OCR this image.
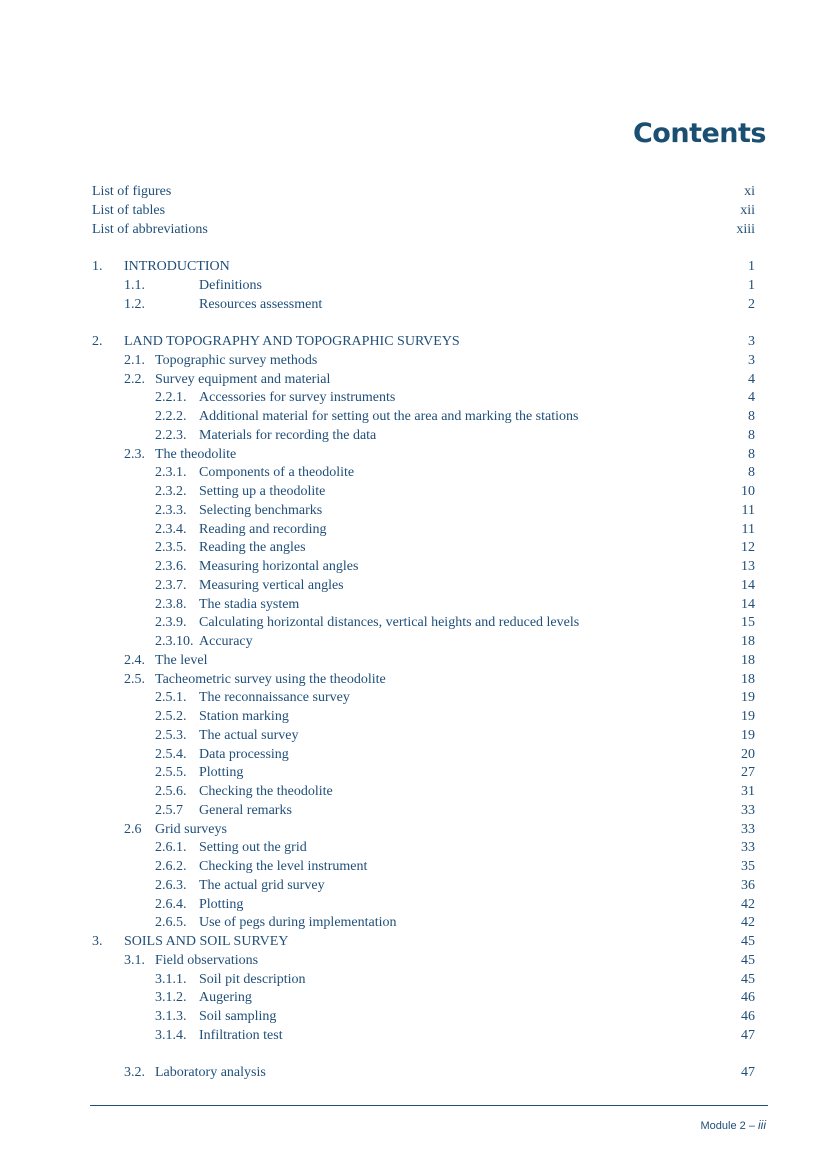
Contents
List of figures	xi
List of tables	xii
List of abbreviations	xiii
1. INTRODUCTION	1
1.1.	Definitions	1
1.2.	Resources assessment	2
2. LAND TOPOGRAPHY AND TOPOGRAPHIC SURVEYS	3
2.1. Topographic survey methods	3
2.2. Survey equipment and material	4
2.2.1. Accessories for survey instruments	4
2.2.2. Additional material for setting out the area and marking the stations	8
2.2.3. Materials for recording the data	8
2.3. The theodolite	8
2.3.1. Components of a theodolite	8
2.3.2. Setting up a theodolite	10
2.3.3. Selecting benchmarks	11
2.3.4. Reading and recording	11
2.3.5. Reading the angles	12
2.3.6. Measuring horizontal angles	13
2.3.7. Measuring vertical angles	14
2.3.8. The stadia system	14
2.3.9. Calculating horizontal distances, vertical heights and reduced levels	15
2.3.10. Accuracy	18
2.4. The level	18
2.5. Tacheometric survey using the theodolite	18
2.5.1. The reconnaissance survey	19
2.5.2. Station marking	19
2.5.3. The actual survey	19
2.5.4. Data processing	20
2.5.5. Plotting	27
2.5.6. Checking the theodolite	31
2.5.7 General remarks	33
2.6 Grid surveys	33
2.6.1. Setting out the grid	33
2.6.2. Checking the level instrument	35
2.6.3. The actual grid survey	36
2.6.4. Plotting	42
2.6.5. Use of pegs during implementation	42
3. SOILS AND SOIL SURVEY	45
3.1. Field observations	45
3.1.1. Soil pit description	45
3.1.2. Augering	46
3.1.3. Soil sampling	46
3.1.4. Infiltration test	47
3.2. Laboratory analysis	47
Module 2 – iii
